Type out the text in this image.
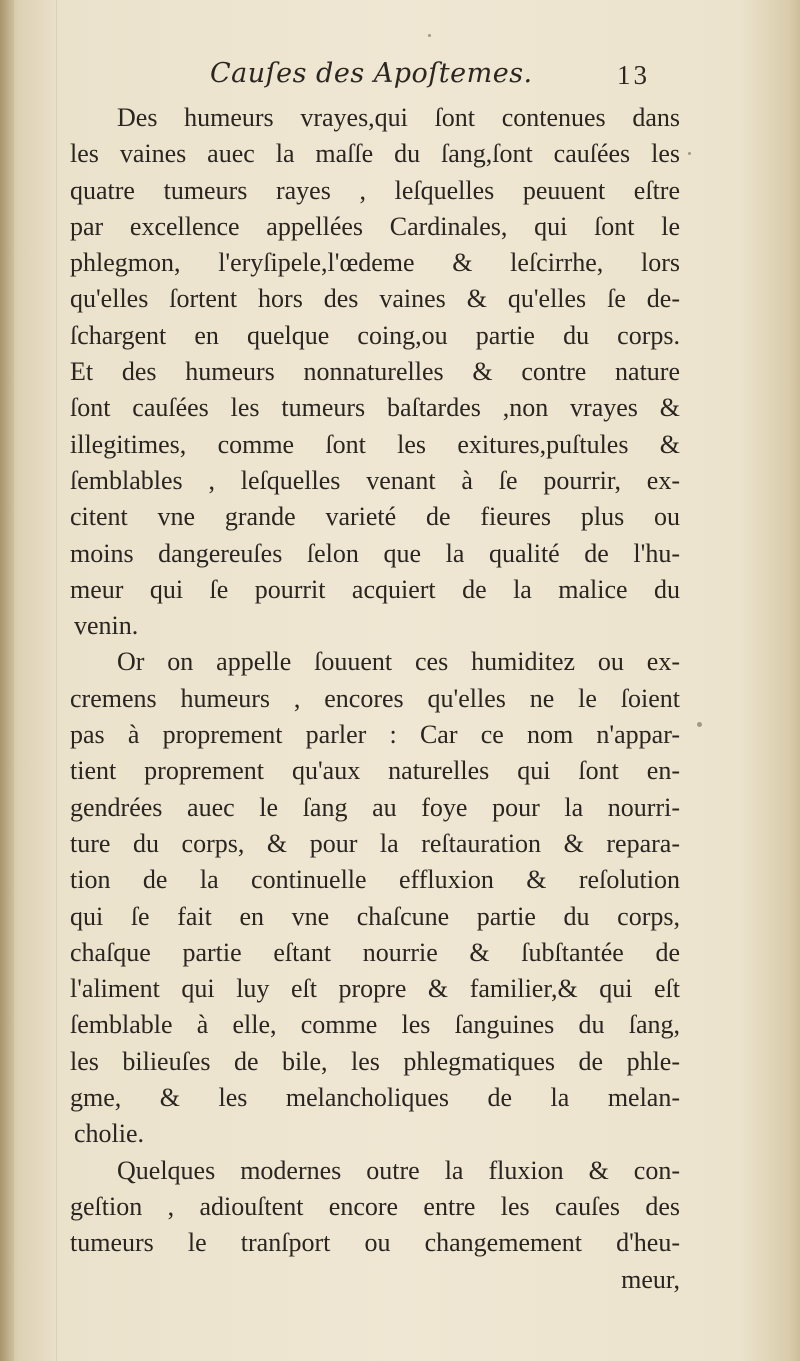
Cauſes des Apoſtemes.	13
Des humeurs vrayes,qui ſont contenues dans
les vaines auec la maſſe du ſang,ſont cauſées les
quatre tumeurs rayes , leſquelles peuuent eſtre
par excellence appellées Cardinales, qui ſont le
phlegmon, l'eryſipele,l'œdeme & leſcirrhe, lors
qu'elles ſortent hors des vaines & qu'elles ſe de-
ſchargent en quelque coing,ou partie du corps.
Et des humeurs nonnaturelles & contre nature
ſont cauſées les tumeurs baſtardes ,non vrayes &
illegitimes, comme ſont les exitures,puſtules &
ſemblables , leſquelles venant à ſe pourrir, ex-
citent vne grande varieté de fieures plus ou
moins dangereuſes ſelon que la qualité de l'hu-
meur qui ſe pourrit acquiert de la malice du
venin.
Or on appelle ſouuent ces humiditez ou ex-
cremens humeurs , encores qu'elles ne le ſoient
pas à proprement parler : Car ce nom n'appar-
tient proprement qu'aux naturelles qui ſont en-
gendrées auec le ſang au foye pour la nourri-
ture du corps, & pour la reſtauration & repara-
tion de la continuelle effluxion & reſolution
qui ſe fait en vne chaſcune partie du corps,
chaſque partie eſtant nourrie & ſubſtantée de
l'aliment qui luy eſt propre & familier,& qui eſt
ſemblable à elle, comme les ſanguines du ſang,
les bilieuſes de bile, les phlegmatiques de phle-
gme, & les melancholiques de la melan-
cholie.
Quelques modernes outre la fluxion & con-
geſtion , adiouſtent encore entre les cauſes des
tumeurs le tranſport ou changemement d'heu-
meur,
